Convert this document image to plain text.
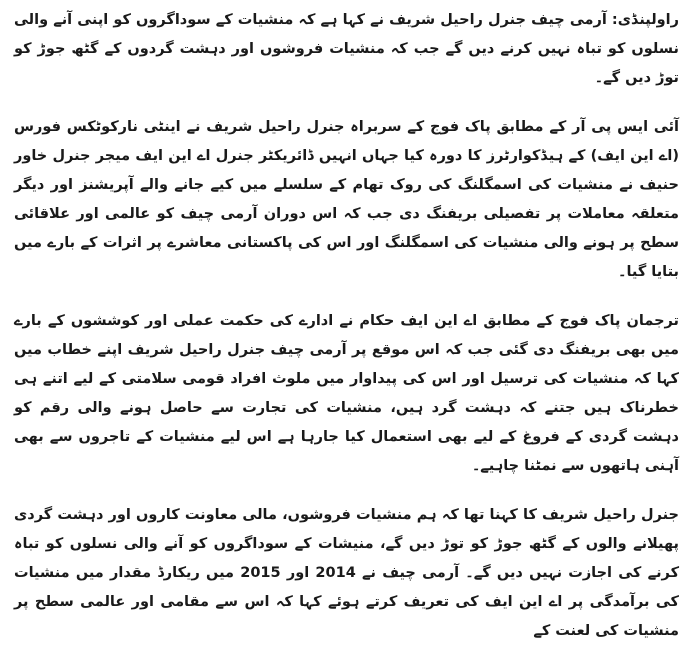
راولپنڈی: آرمی چیف جنرل راحیل شریف نے کہا ہے کہ منشیات کے سوداگروں کو اپنی آنے والی نسلوں کو تباہ نہیں کرنے دیں گے جب کہ منشیات فروشوں اور دہشت گردوں کے گٹھ جوڑ کو توڑ دیں گے۔

آئی ایس پی آر کے مطابق پاک فوج کے سربراہ جنرل راحیل شریف نے اینٹی نارکوٹکس فورس (اے این ایف) کے ہیڈکوارٹرز کا دورہ کیا جہاں انہیں ڈائریکٹر جنرل اے این ایف میجر جنرل خاور حنیف نے منشیات کی اسمگلنگ کی روک تھام کے سلسلے میں کیے جانے والے آپریشنز اور دیگر متعلقہ معاملات پر تفصیلی بریفنگ دی جب کہ اس دوران آرمی چیف کو عالمی اور علاقائی سطح پر ہونے والی منشیات کی اسمگلنگ اور اس کی پاکستانی معاشرے پر اثرات کے بارے میں بتایا گیا۔

ترجمان پاک فوج کے مطابق اے این ایف حکام نے ادارے کی حکمت عملی اور کوششوں کے بارے میں بھی بریفنگ دی گئی جب کہ اس موقع پر آرمی چیف جنرل راحیل شریف اپنے خطاب میں کہا کہ منشیات کی ترسیل اور اس کی پیداوار میں ملوث افراد قومی سلامتی کے لیے اتنے ہی خطرناک ہیں جتنے کہ دہشت گرد ہیں، منشیات کی تجارت سے حاصل ہونے والی رقم کو دہشت گردی کے فروغ کے لیے بھی استعمال کیا جارہا ہے اس لیے منشیات کے تاجروں سے بھی آہنی ہاتھوں سے نمٹنا چاہیے۔

جنرل راحیل شریف کا کہنا تھا کہ ہم منشیات فروشوں، مالی معاونت کاروں اور دہشت گردی پھیلانے والوں کے گٹھ جوڑ کو توڑ دیں گے، منیشات کے سوداگروں کو آنے والی نسلوں کو تباہ کرنے کی اجازت نہیں دیں گے۔ آرمی چیف نے 2014 اور 2015 میں ریکارڈ مقدار میں منشیات کی برآمدگی پر اے این ایف کی تعریف کرتے ہوئے کہا کہ اس سے مقامی اور عالمی سطح پر منشیات کی لعنت کے
